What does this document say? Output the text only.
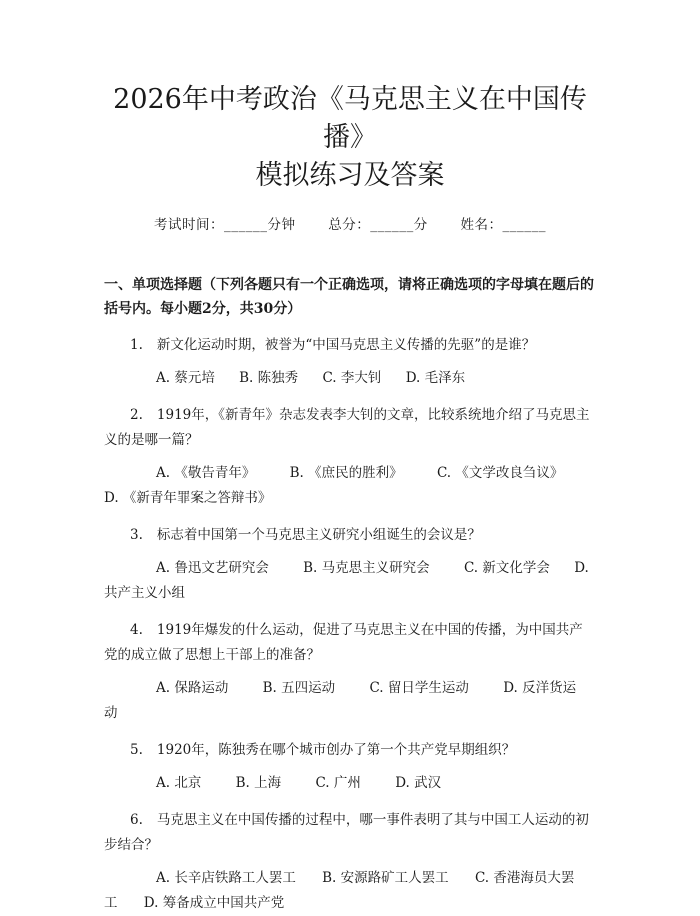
2026年中考政治《马克思主义在中国传播》
模拟练习及答案
考试时间：______分钟 总分：______分 姓名：______
一、单项选择题（下列各题只有一个正确选项，请将正确选项的字母填在题后的括号内。每小题2分，共30分）

1. 新文化运动时期，被誉为“中国马克思主义传播的先驱”的是谁？

A. 蔡元培 B. 陈独秀 C. 李大钊 D. 毛泽东

2. 1919年，《新青年》杂志发表李大钊的文章，比较系统地介绍了马克思主义的是哪一篇？

A. 《敬告青年》	B. 《庶民的胜利》	C. 《文学改良刍议》 D. 《新青年罪案之答辩书》

3. 标志着中国第一个马克思主义研究小组诞生的会议是？

A. 鲁迅文艺研究会	B. 马克思主义研究会	C. 新文化学会 D. 共产主义小组

4. 1919年爆发的什么运动，促进了马克思主义在中国的传播，为中国共产党的成立做了思想上干部上的准备？

A. 保路运动	B. 五四运动	C. 留日学生运动	D. 反洋货运动

5. 1920年，陈独秀在哪个城市创办了第一个共产党早期组织？

A. 北京	B. 上海	C. 广州	D. 武汉

6. 马克思主义在中国传播的过程中，哪一事件表明了其与中国工人运动的初步结合？

A. 长辛店铁路工人罢工 B. 安源路矿工人罢工 C. 香港海员大罢工 D. 筹备成立中国共产党
